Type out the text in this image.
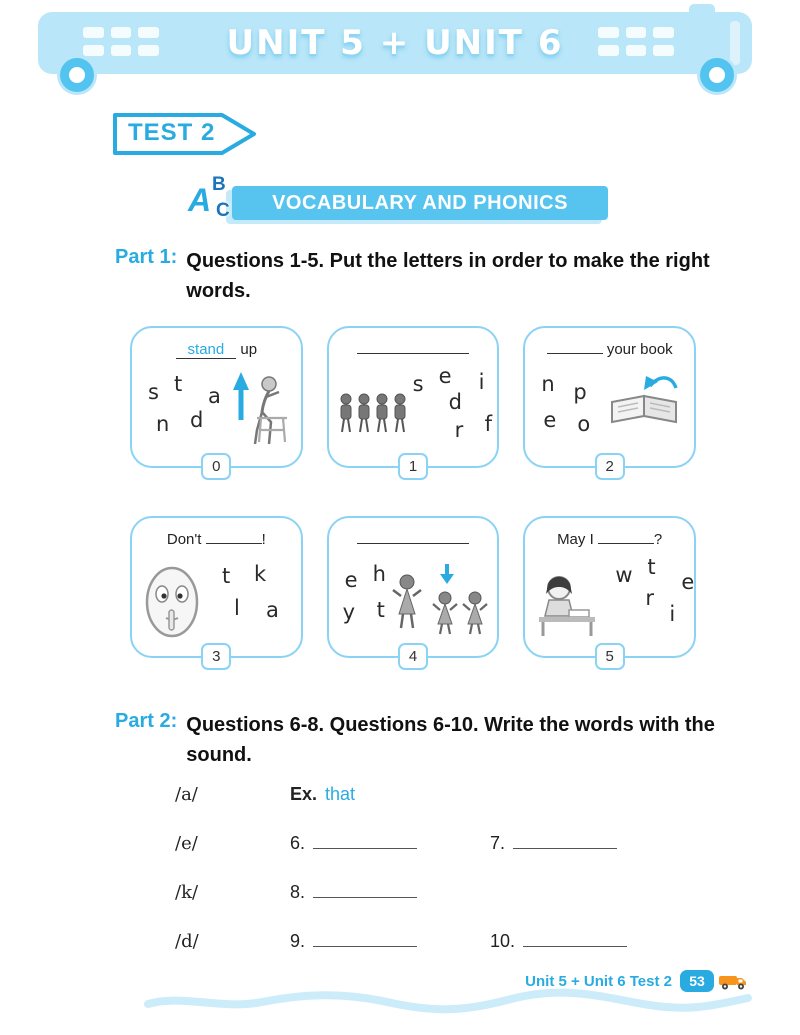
UNIT 5 + UNIT 6
TEST 2
A B
C	VOCABULARY AND PHONICS
Part 1: Questions 1-5. Put the letters in order to make the right words.
stand up
s t a
n d
0
s e i
d
r f
1
your book
n p
e o
2
Don't	!
t k
l a
3
e h
y t
4
May I	?
w t
e
r
i
5
Part 2: Questions 6-8. Questions 6-10. Write the words with the sound.
/a/	Ex. that
/e/	6.	7.
/k/	8.
/d/	9.	10.
Unit 5 + Unit 6 Test 2	53
